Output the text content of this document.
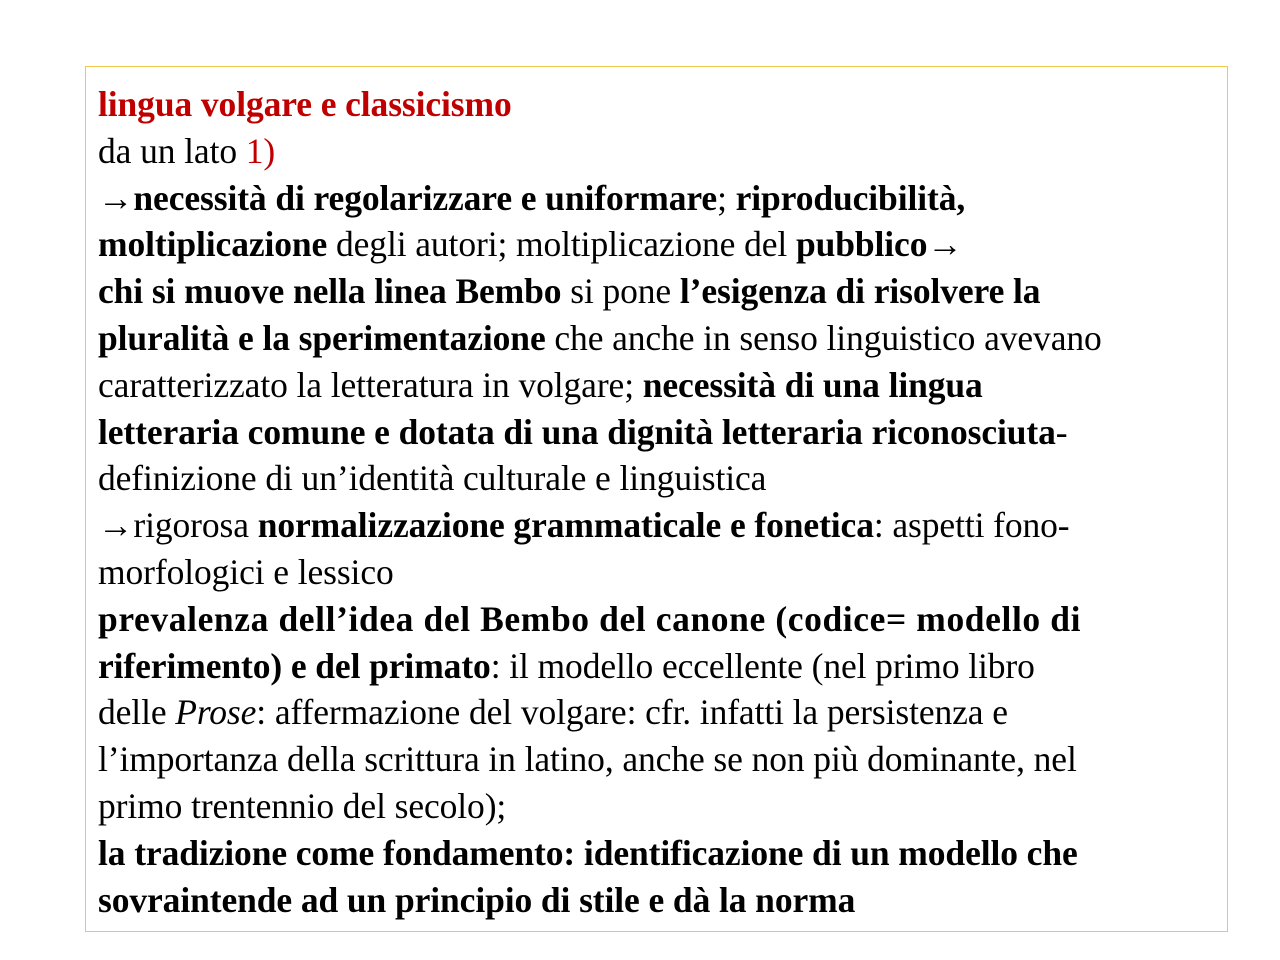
lingua volgare e classicismo
da un lato 1)
→necessità di regolarizzare e uniformare; riproducibilità,
moltiplicazione degli autori; moltiplicazione del pubblico→
chi si muove nella linea Bembo si pone l’esigenza di risolvere la
pluralità e la sperimentazione che anche in senso linguistico avevano
caratterizzato la letteratura in volgare; necessità di una lingua
letteraria comune e dotata di una dignità letteraria riconosciuta-
definizione di un’identità culturale e linguistica
→rigorosa normalizzazione grammaticale e fonetica: aspetti fono-
morfologici e lessico
prevalenza dell’idea del Bembo del canone (codice= modello di
riferimento) e del primato: il modello eccellente (nel primo libro
delle Prose: affermazione del volgare: cfr. infatti la persistenza e
l’importanza della scrittura in latino, anche se non più dominante, nel
primo trentennio del secolo);
la tradizione come fondamento: identificazione di un modello che
sovraintende ad un principio di stile e dà la norma
